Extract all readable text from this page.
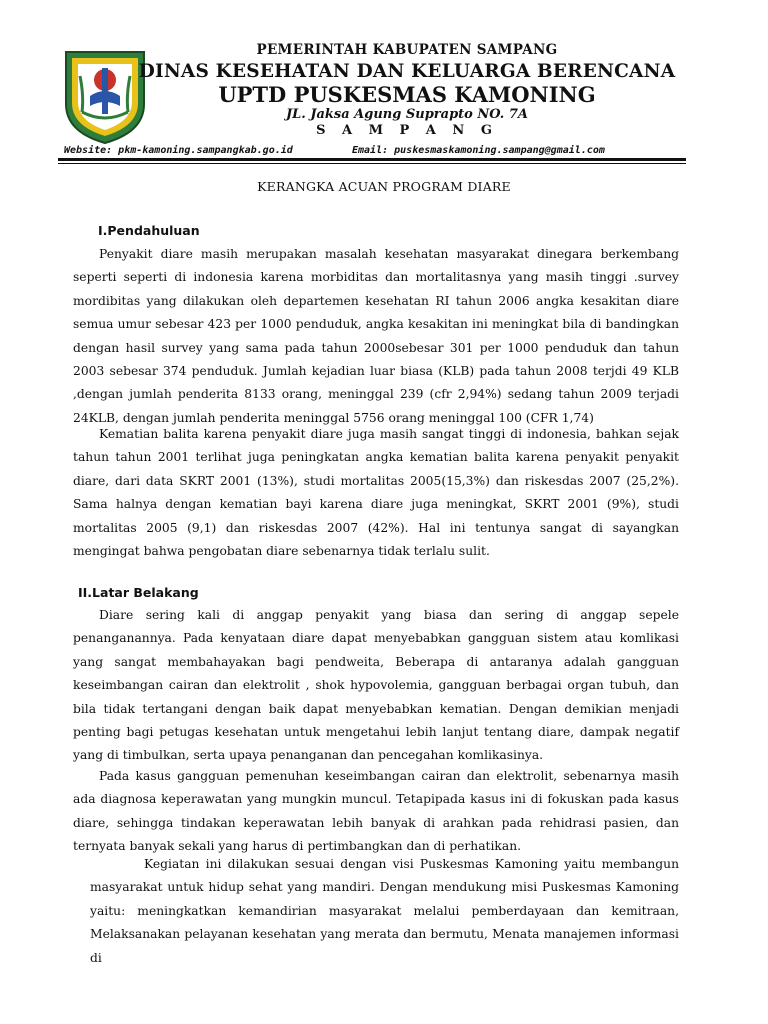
PEMERINTAH KABUPATEN SAMPANG
DINAS KESEHATAN DAN KELUARGA BERENCANA
UPTD PUSKESMAS KAMONING
JL. Jaksa Agung Suprapto NO. 7A
S A M P A N G
Website: pkm-kamoning.sampangkab.go.id	Email: puskesmaskamoning.sampang@gmail.com
KERANGKA ACUAN PROGRAM DIARE
I.Pendahuluan

Penyakit diare masih merupakan masalah kesehatan masyarakat dinegara berkembang seperti seperti di indonesia karena morbiditas dan mortalitasnya yang masih tinggi .survey mordibitas yang dilakukan oleh departemen kesehatan RI tahun 2006 angka kesakitan diare semua umur sebesar 423 per 1000 penduduk, angka kesakitan ini meningkat bila di bandingkan dengan hasil survey yang sama pada tahun 2000sebesar 301 per 1000 penduduk dan tahun 2003 sebesar 374 penduduk. Jumlah kejadian luar biasa (KLB) pada tahun 2008 terjdi 49 KLB ,dengan jumlah penderita 8133 orang, meninggal 239 (cfr 2,94%) sedang tahun 2009 terjadi 24KLB, dengan jumlah penderita meninggal 5756 orang meninggal 100 (CFR 1,74)

Kematian balita karena penyakit diare juga masih sangat tinggi di indonesia, bahkan sejak tahun tahun 2001 terlihat juga peningkatan angka kematian balita karena penyakit penyakit diare, dari data SKRT 2001 (13%), studi mortalitas 2005(15,3%) dan riskesdas 2007 (25,2%). Sama halnya dengan kematian bayi karena diare juga meningkat, SKRT 2001 (9%), studi mortalitas 2005 (9,1) dan riskesdas 2007 (42%). Hal ini tentunya sangat di sayangkan mengingat bahwa pengobatan diare sebenarnya tidak terlalu sulit.

II.Latar Belakang

Diare sering kali di anggap penyakit yang biasa dan sering di anggap sepele penanganannya. Pada kenyataan diare dapat menyebabkan gangguan sistem atau komlikasi yang sangat membahayakan bagi pendweita, Beberapa di antaranya adalah gangguan keseimbangan cairan dan elektrolit , shok hypovolemia, gangguan berbagai organ tubuh, dan bila tidak tertangani dengan baik dapat menyebabkan kematian. Dengan demikian menjadi penting bagi petugas kesehatan untuk mengetahui lebih lanjut tentang diare, dampak negatif yang di timbulkan, serta upaya penanganan dan pencegahan komlikasinya.

Pada kasus gangguan pemenuhan keseimbangan cairan dan elektrolit, sebenarnya masih ada diagnosa keperawatan yang mungkin muncul. Tetapipada kasus ini di fokuskan pada kasus diare, sehingga tindakan keperawatan lebih banyak di arahkan pada rehidrasi pasien, dan ternyata banyak sekali yang harus di pertimbangkan dan di perhatikan.

Kegiatan ini dilakukan sesuai dengan visi Puskesmas Kamoning yaitu membangun masyarakat untuk hidup sehat yang mandiri. Dengan mendukung misi Puskesmas Kamoning yaitu: meningkatkan kemandirian masyarakat melalui pemberdayaan dan kemitraan, Melaksanakan pelayanan kesehatan yang merata dan bermutu, Menata manajemen informasi di
